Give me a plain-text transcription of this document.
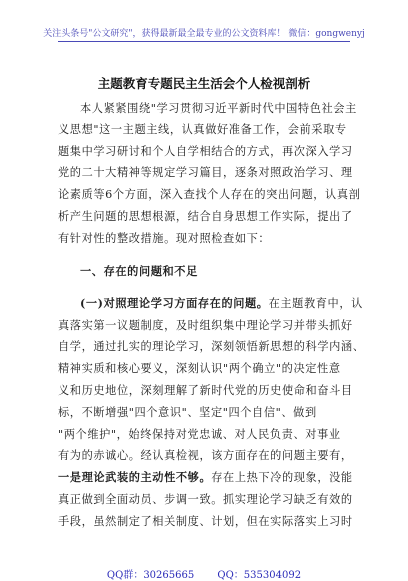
关注头条号"公文研究"，获得最新最全最专业的公文资料库！ 微信：gongwenyj
主题教育专题民主生活会个人检视剖析
本人紧紧围绕"学习贯彻习近平新时代中国特色社会主
义思想"这一主题主线，认真做好准备工作，会前采取专
题集中学习研讨和个人自学相结合的方式，再次深入学习
党的二十大精神等规定学习篇目，逐条对照政治学习、理
论素质等6个方面，深入查找个人存在的突出问题，认真剖
析产生问题的思想根源，结合自身思想工作实际，提出了
有针对性的整改措施。现对照检查如下：
一、存在的问题和不足
(一)对照理论学习方面存在的问题。在主题教育中，认
真落实第一议题制度，及时组织集中理论学习并带头抓好
自学，通过扎实的理论学习，深刻领悟新思想的科学内涵、
精神实质和核心要义，深刻认识"两个确立"的决定性意
义和历史地位，深刻理解了新时代党的历史使命和奋斗目
标，不断增强"四个意识"、坚定"四个自信"、做到
"两个维护"，始终保持对党忠诚、对人民负责、对事业
有为的赤诚心。经认真检视，该方面存在的问题主要有，
一是理论武装的主动性不够。存在上热下冷的现象，没能
真正做到全面动员、步调一致。抓实理论学习缺乏有效的
手段，虽然制定了相关制度、计划，但在实际落实上习时
QQ群：30265665 QQ：535304092
